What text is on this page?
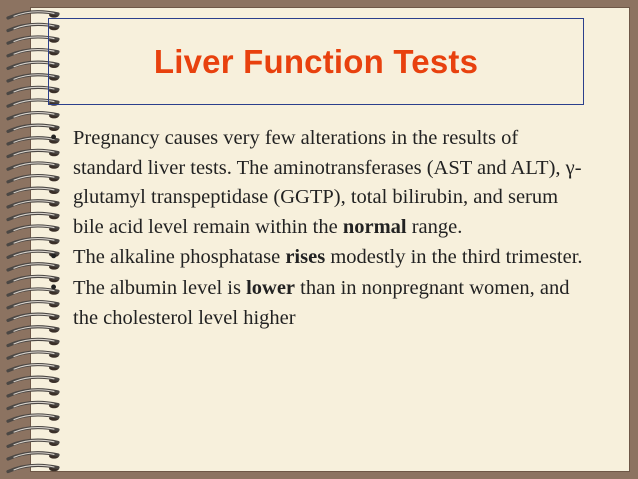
Liver Function Tests
• Pregnancy causes very few alterations in the results of standard liver tests. The aminotransferases (AST and ALT), γ-glutamyl transpeptidase (GGTP), total bilirubin, and serum bile acid level remain within the normal range.
• The alkaline phosphatase rises modestly in the third trimester.
• The albumin level is lower than in nonpregnant women, and the cholesterol level higher
